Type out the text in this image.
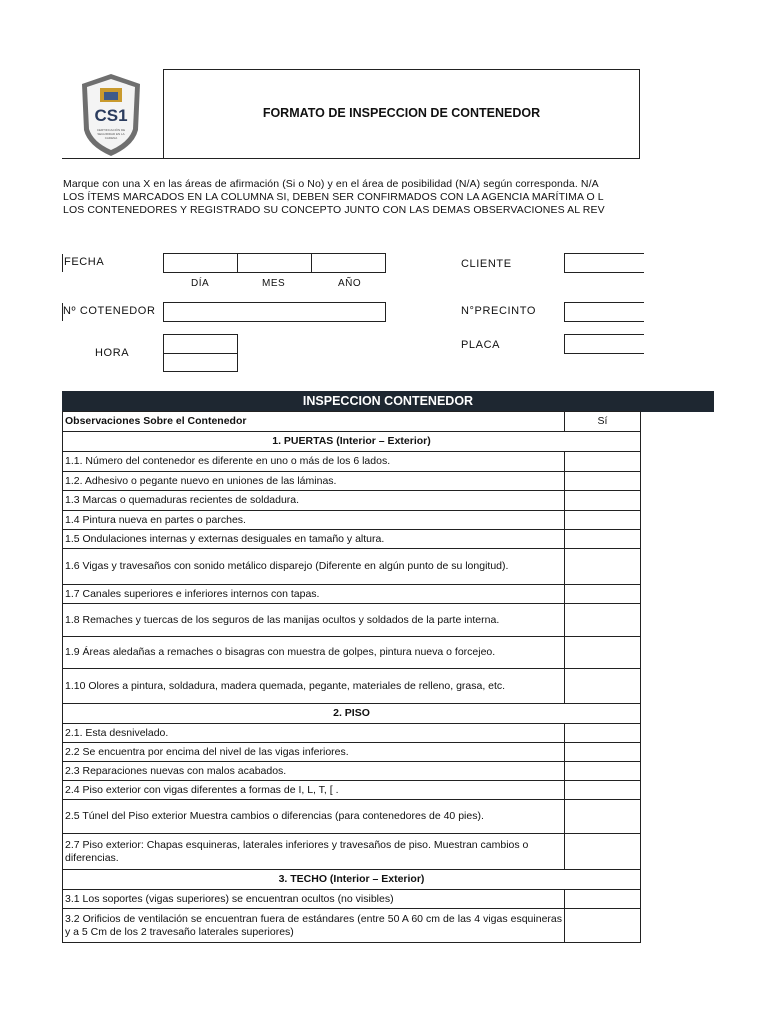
CS1
CERTIFICACIÓN DE
SEGURIDAD EN LA CADENA
FORMATO DE INSPECCION DE CONTENEDOR
Marque con una X en las áreas de afirmación (Si o No) y en el área de posibilidad (N/A) según corresponda. N/A
LOS ÍTEMS MARCADOS EN LA COLUMNA SI, DEBEN SER CONFIRMADOS CON LA AGENCIA MARÍTIMA O L
LOS CONTENEDORES Y REGISTRADO SU CONCEPTO JUNTO CON LAS DEMAS OBSERVACIONES AL REV
FECHA
DÍA	MES	AÑO
CLIENTE
Nº COTENEDOR	N°PRECINTO
HORA
PLACA
INSPECCION CONTENEDOR
Observaciones Sobre el Contenedor	Sí
1. PUERTAS (Interior – Exterior)	
1.1. Número del contenedor es diferente en uno o más de los 6 lados.	
1.2. Adhesivo o pegante nuevo en uniones de las láminas.	
1.3 Marcas o quemaduras recientes de soldadura.	
1.4 Pintura nueva en partes o parches.	
1.5 Ondulaciones internas y externas desiguales en tamaño y altura.	
1.6 Vigas y travesaños con sonido metálico disparejo (Diferente en algún punto de su longitud).	
1.7 Canales superiores e inferiores internos con tapas.	
1.8 Remaches y tuercas de los seguros de las manijas ocultos y soldados de la parte interna.	
1.9 Áreas aledañas a remaches o bisagras con muestra de golpes, pintura nueva o forcejeo.	
1.10 Olores a pintura, soldadura, madera quemada, pegante, materiales de relleno, grasa, etc.	
2. PISO	
2.1. Esta desnivelado.	
2.2 Se encuentra por encima del nivel de las vigas inferiores.	
2.3 Reparaciones nuevas con malos acabados.	
2.4 Piso exterior con vigas diferentes a formas de I, L, T, [ .	
2.5 Túnel del Piso exterior Muestra cambios o diferencias (para contenedores de 40 pies).	
2.7 Piso exterior: Chapas esquineras, laterales inferiores y travesaños de piso. Muestran cambios o diferencias.	
3. TECHO (Interior – Exterior)	
3.1 Los soportes (vigas superiores) se encuentran ocultos (no visibles)	
3.2 Orificios de ventilación se encuentran fuera de estándares (entre 50 A 60 cm de las 4 vigas esquineras y a 5 Cm de los 2 travesaño laterales superiores)	
